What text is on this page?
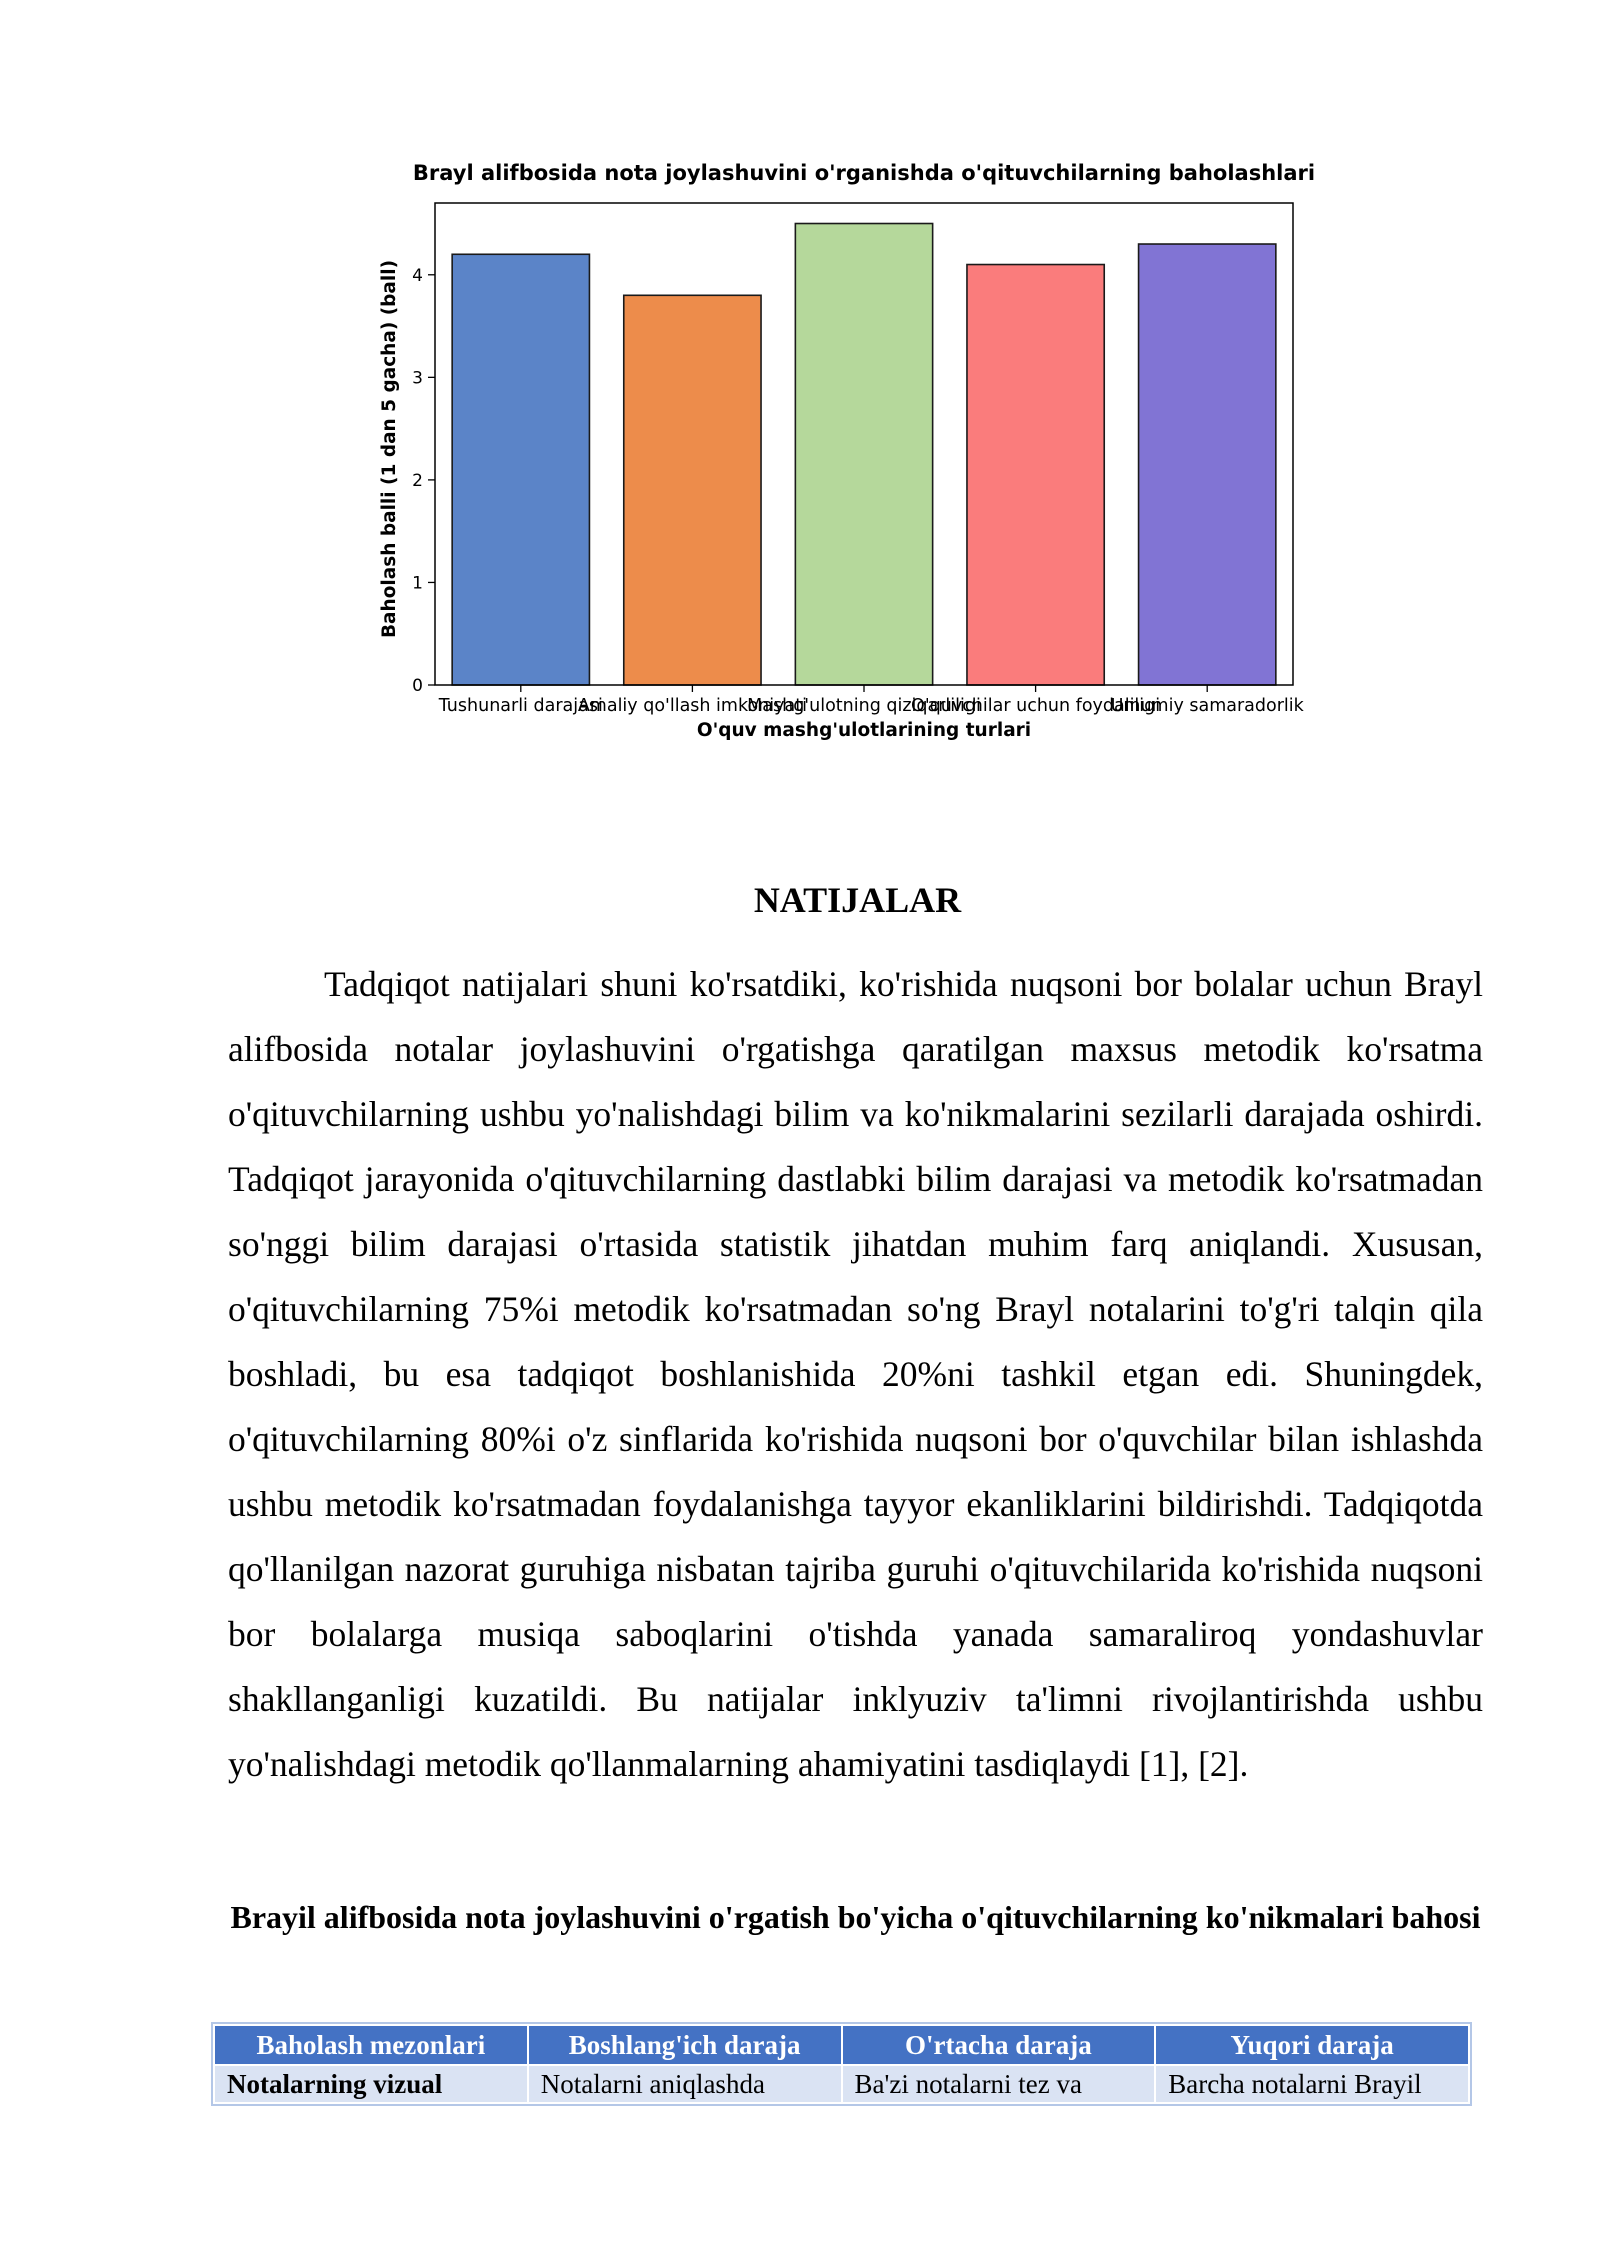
Brayl alifbosida nota joylashuvini o'rganishda o'qituvchilarning baholashlari
0
1
2
3
4
Tushunarli darajasi
Amaliy qo'llash imkoniyati
Mashg'ulotning qiziqarliligi
O'quvchilar uchun foydaliligi
Umumiy samaradorlik
O'quv mashg'ulotlarining turlari
Baholash balli (1 dan 5 gacha) (ball)
NATIJALAR

Tadqiqot natijalari shuni ko'rsatdiki, ko'rishida nuqsoni bor bolalar uchun Brayl alifbosida notalar joylashuvini o'rgatishga qaratilgan maxsus metodik ko'rsatma o'qituvchilarning ushbu yo'nalishdagi bilim va ko'nikmalarini sezilarli darajada oshirdi. Tadqiqot jarayonida o'qituvchilarning dastlabki bilim darajasi va metodik ko'rsatmadan so'nggi bilim darajasi o'rtasida statistik jihatdan muhim farq aniqlandi. Xususan, o'qituvchilarning 75%i metodik ko'rsatmadan so'ng Brayl notalarini to'g'ri talqin qila boshladi, bu esa tadqiqot boshlanishida 20%ni tashkil etgan edi. Shuningdek, o'qituvchilarning 80%i o'z sinflarida ko'rishida nuqsoni bor o'quvchilar bilan ishlashda ushbu metodik ko'rsatmadan foydalanishga tayyor ekanliklarini bildirishdi. Tadqiqotda qo'llanilgan nazorat guruhiga nisbatan tajriba guruhi o'qituvchilarida ko'rishida nuqsoni bor bolalarga musiqa saboqlarini o'tishda yanada samaraliroq yondashuvlar shakllanganligi kuzatildi. Bu natijalar inklyuziv ta'limni rivojlantirishda ushbu yo'nalishdagi metodik qo'llanmalarning ahamiyatini tasdiqlaydi [1], [2].

Brayil alifbosida nota joylashuvini o'rgatish bo'yicha o'qituvchilarning ko'nikmalari bahosi
Baholash mezonlari	Boshlang'ich daraja	O'rtacha daraja	Yuqori daraja
Notalarning vizual	Notalarni aniqlashda	Ba'zi notalarni tez va	Barcha notalarni Brayil
